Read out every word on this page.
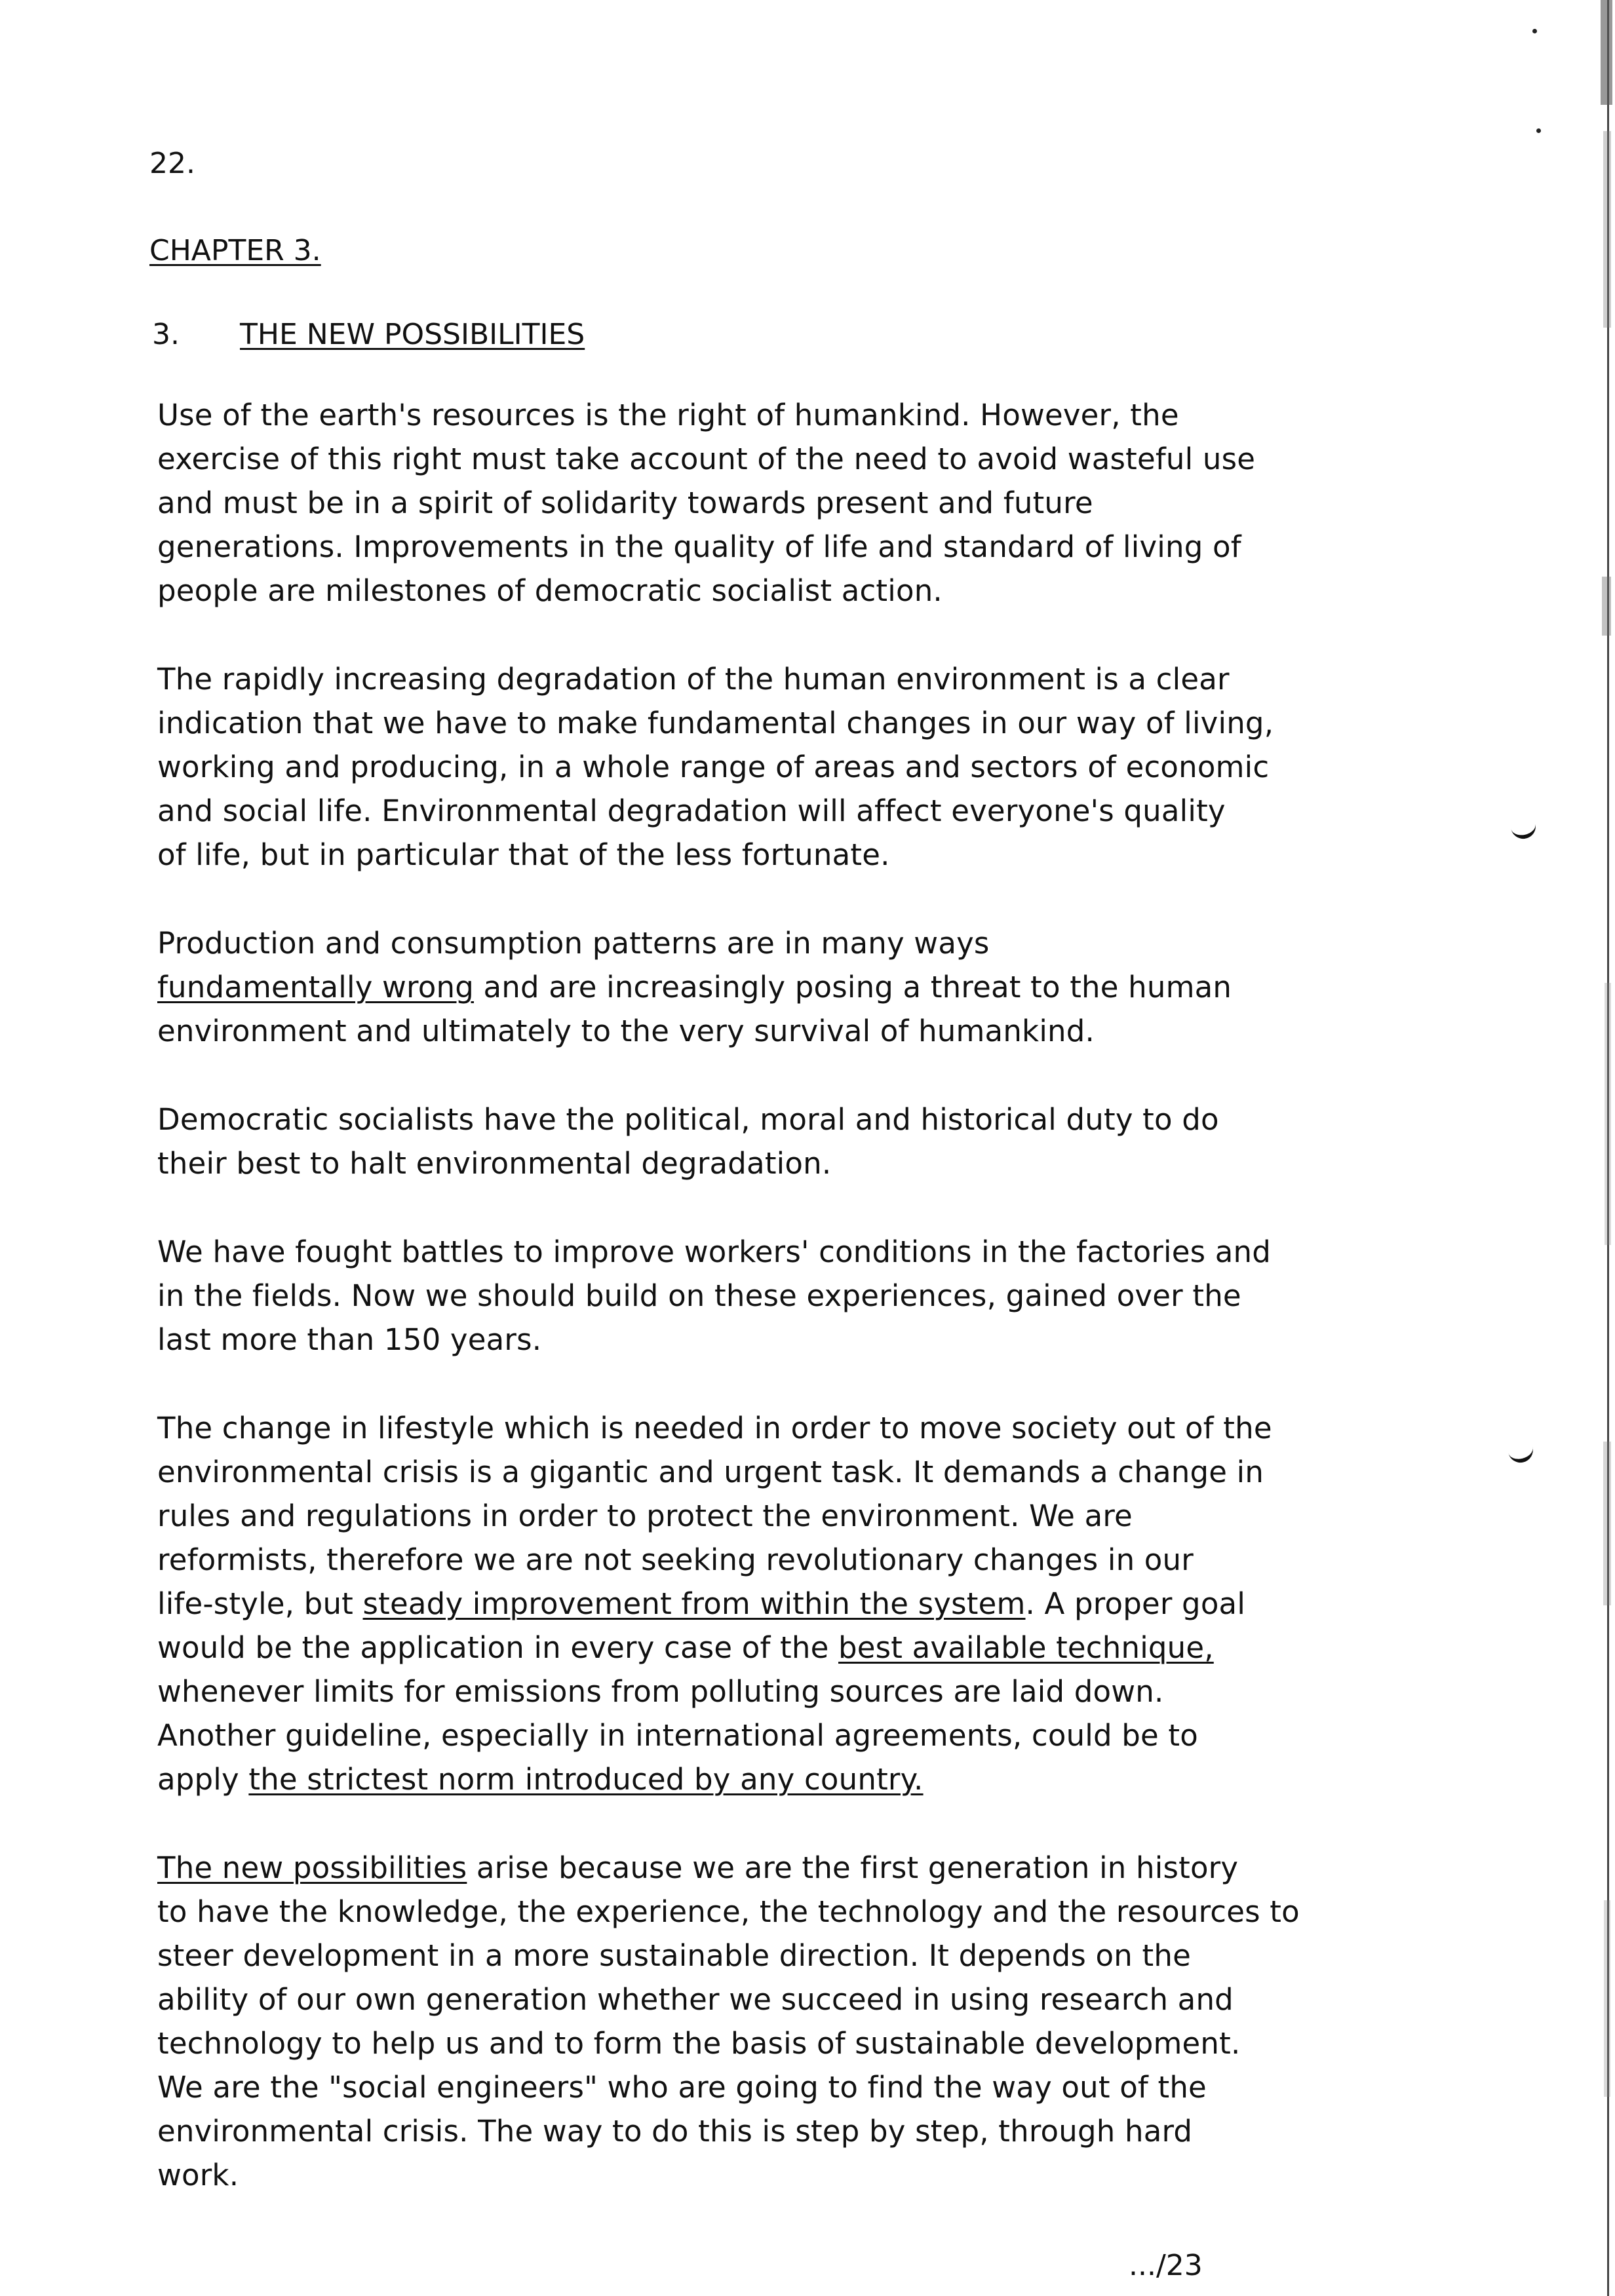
22.
CHAPTER 3.
3. THE NEW POSSIBILITIES
Use of the earth's resources is the right of humankind. However, the
exercise of this right must take account of the need to avoid wasteful use
and must be in a spirit of solidarity towards present and future
generations. Improvements in the quality of life and standard of living of
people are milestones of democratic socialist action.
The rapidly increasing degradation of the human environment is a clear
indication that we have to make fundamental changes in our way of living,
working and producing, in a whole range of areas and sectors of economic
and social life. Environmental degradation will affect everyone's quality
of life, but in particular that of the less fortunate.
Production and consumption patterns are in many ways
fundamentally wrong and are increasingly posing a threat to the human
environment and ultimately to the very survival of humankind.
Democratic socialists have the political, moral and historical duty to do
their best to halt environmental degradation.
We have fought battles to improve workers' conditions in the factories and
in the fields. Now we should build on these experiences, gained over the
last more than 150 years.
The change in lifestyle which is needed in order to move society out of the
environmental crisis is a gigantic and urgent task. It demands a change in
rules and regulations in order to protect the environment. We are
reformists, therefore we are not seeking revolutionary changes in our
life-style, but steady improvement from within the system. A proper goal
would be the application in every case of the best available technique,
whenever limits for emissions from polluting sources are laid down.
Another guideline, especially in international agreements, could be to
apply the strictest norm introduced by any country.
The new possibilities arise because we are the first generation in history
to have the knowledge, the experience, the technology and the resources to
steer development in a more sustainable direction. It depends on the
ability of our own generation whether we succeed in using research and
technology to help us and to form the basis of sustainable development.
We are the "social engineers" who are going to find the way out of the
environmental crisis. The way to do this is step by step, through hard
work.
.../23
